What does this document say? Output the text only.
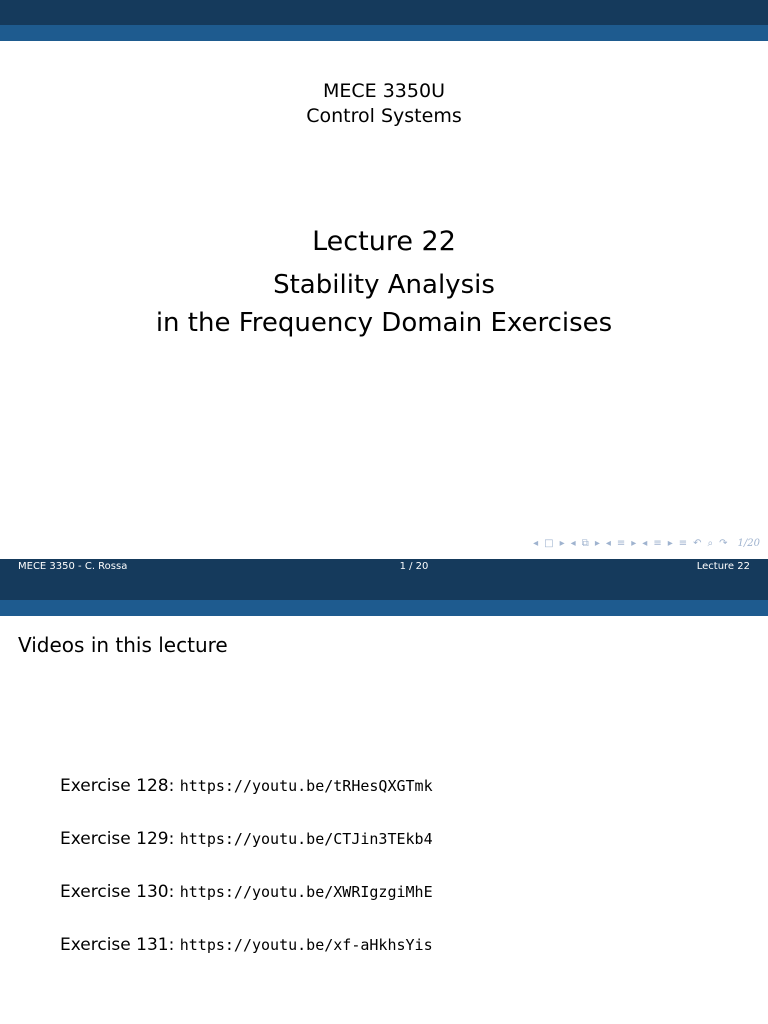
MECE 3350U
Control Systems
Lecture 22
Stability Analysis
in the Frequency Domain Exercises
◂ □ ▸ ◂ ⧉ ▸ ◂ ≡ ▸ ◂ ≡ ▸ ≡ ↶ ⌕ ↷ 1/20
MECE 3350 - C. Rossa	1 / 20	Lecture 22
Videos in this lecture
Exercise 128: https://youtu.be/tRHesQXGTmk
Exercise 129: https://youtu.be/CTJin3TEkb4
Exercise 130: https://youtu.be/XWRIgzgiMhE
Exercise 131: https://youtu.be/xf-aHkhsYis
